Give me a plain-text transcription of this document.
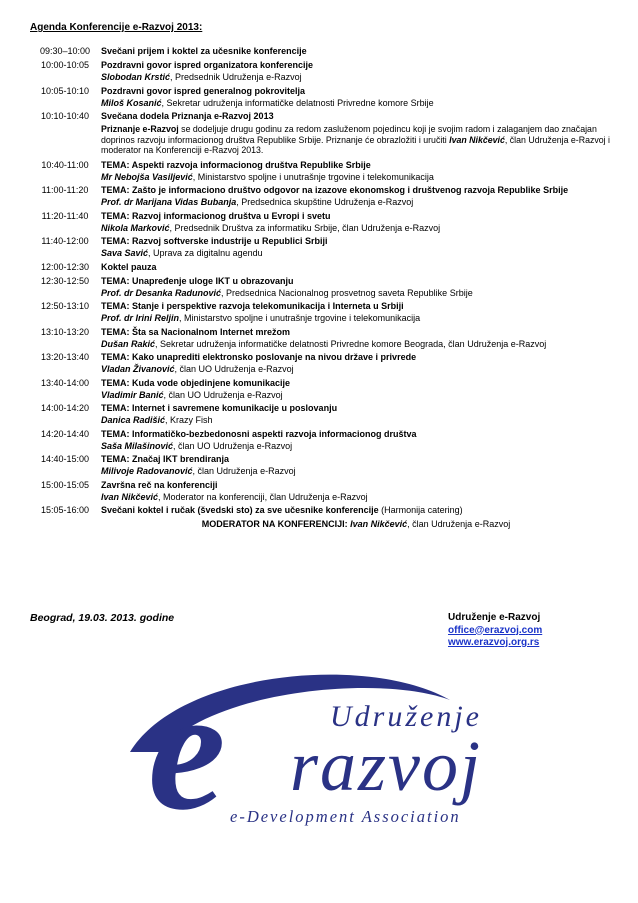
Agenda Konferencije e-Razvoj 2013:
09:30–10:00	Svečani prijem i koktel za učesnike konferencije
10:00-10:05	Pozdravni govor ispred organizatora konferencije
Slobodan Krstić, Predsednik Udruženja e-Razvoj
10:05-10:10	Pozdravni govor ispred generalnog pokrovitelja
Miloš Kosanić, Sekretar udruženja informatičke delatnosti Privredne komore Srbije
10:10-10:40	Svečana dodela Priznanja e-Razvoj 2013
Priznanje e-Razvoj se dodeljuje drugu godinu za redom zasluženom pojedincu koji je svojim radom i zalaganjem dao značajan doprinos razvoju informacionog društva Republike Srbije. Priznanje će obrazložiti i uručiti Ivan Nikčević, član Udruženja e-Razvoj i moderator na Konferenciji e-Razvoj 2013.
10:40-11:00	TEMA: Aspekti razvoja informacionog društva Republike Srbije
Mr Nebojša Vasiljević, Ministarstvo spoljne i unutrašnje trgovine i telekomunikacija
11:00-11:20	TEMA: Zašto je informaciono društvo odgovor na izazove ekonomskog i društvenog razvoja Republike Srbije
Prof. dr Marijana Vidas Bubanja, Predsednica skupštine Udruženja e-Razvoj
11:20-11:40	TEMA: Razvoj informacionog društva u Evropi i svetu
Nikola Marković, Predsednik Društva za informatiku Srbije, član Udruženja e-Razvoj
11:40-12:00	TEMA: Razvoj softverske industrije u Republici Srbiji
Sava Savić, Uprava za digitalnu agendu
12:00-12:30	Koktel pauza
12:30-12:50	TEMA: Unapređenje uloge IKT u obrazovanju
Prof. dr Desanka Radunović, Predsednica Nacionalnog prosvetnog saveta Republike Srbije
12:50-13:10	TEMA: Stanje i perspektive razvoja telekomunikacija i Interneta u Srbiji
Prof. dr Irini Reljin, Ministarstvo spoljne i unutrašnje trgovine i telekomunikacija
13:10-13:20	TEMA: Šta sa Nacionalnom Internet mrežom
Dušan Rakić, Sekretar udruženja informatičke delatnosti Privredne komore Beograda, član Udruženja e-Razvoj
13:20-13:40	TEMA: Kako unaprediti elektronsko poslovanje na nivou države i privrede
Vladan Živanović, član UO Udruženja e-Razvoj
13:40-14:00	TEMA: Kuda vode objedinjene komunikacije
Vladimir Banić, član UO Udruženja e-Razvoj
14:00-14:20	TEMA: Internet i savremene komunikacije u poslovanju
Danica Radišić, Krazy Fish
14:20-14:40	TEMA: Informatičko-bezbedonosni aspekti razvoja informacionog društva
Saša Milašinović, član UO Udruženja e-Razvoj
14:40-15:00	TEMA: Značaj IKT brendiranja
Milivoje Radovanović, član Udruženja e-Razvoj
15:00-15:05	Završna reč na konferenciji
Ivan Nikčević, Moderator na konferenciji, član Udruženja e-Razvoj
15:05-16:00	Svečani koktel i ručak (švedski sto) za sve učesnike konferencije (Harmonija catering)
MODERATOR NA KONFERENCIJI: Ivan Nikčević, član Udruženja e-Razvoj
Beograd, 19.03. 2013. godine	Udruženje e-Razvoj
office@erazvoj.com
www.erazvoj.org.rs
e	Udruženje
razvoj
e-Development Association
